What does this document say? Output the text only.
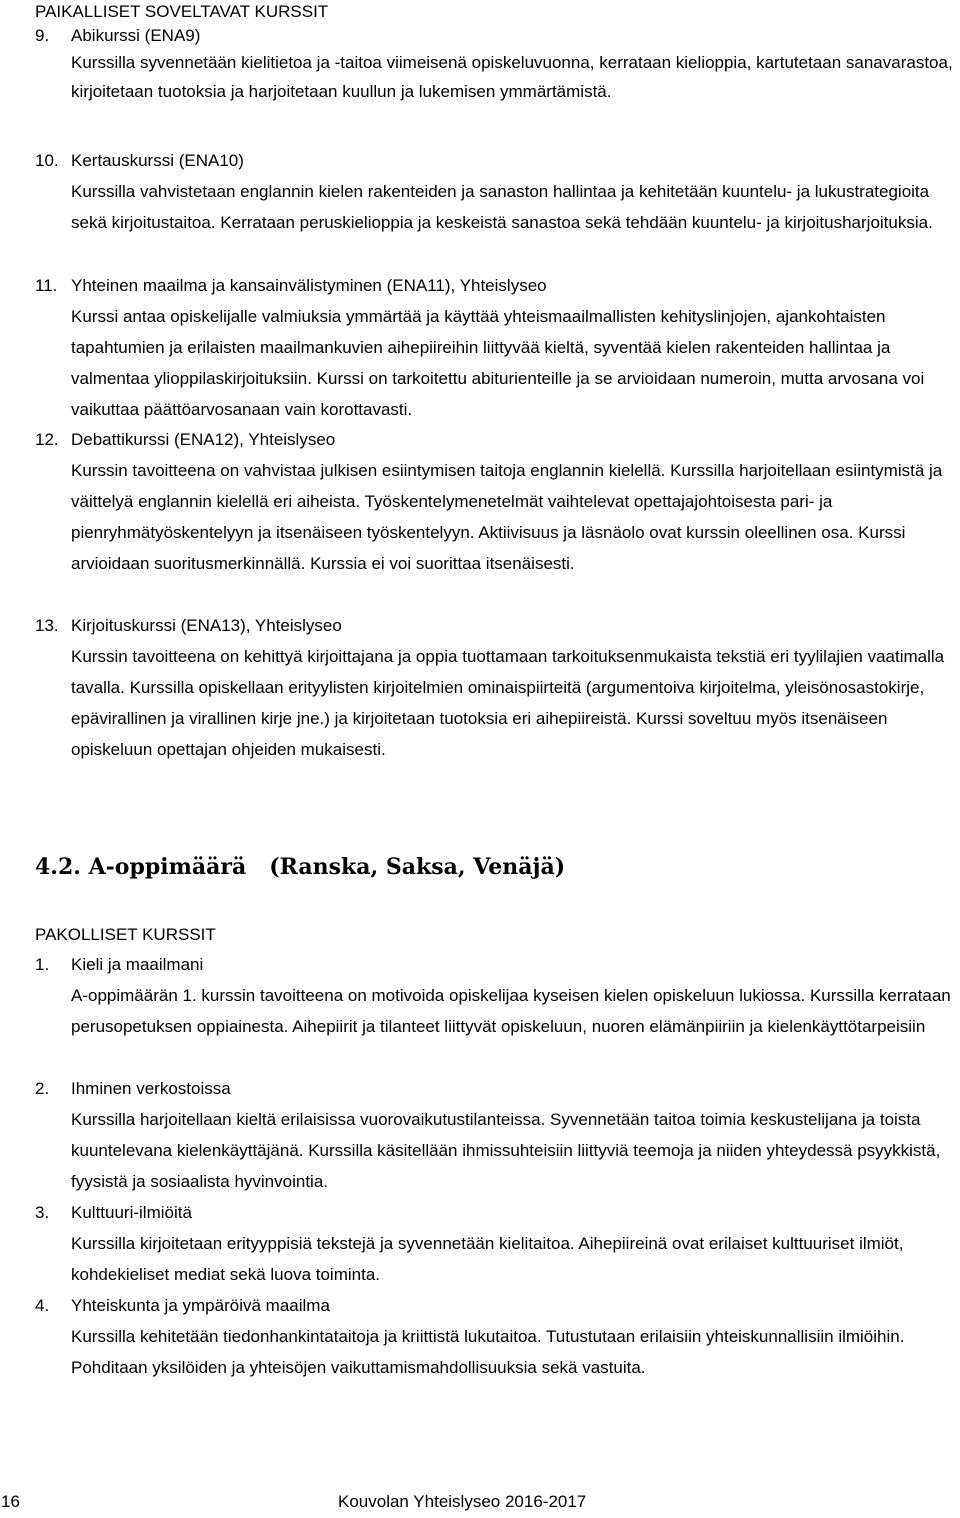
PAIKALLISET SOVELTAVAT KURSSIT
9. Abikurssi (ENA9)
Kurssilla syvennetään kielitietoa ja -taitoa viimeisenä opiskeluvuonna, kerrataan kielioppia, kartutetaan sanavarastoa, kirjoitetaan tuotoksia ja harjoitetaan kuullun ja lukemisen ymmärtämistä.
10. Kertauskurssi (ENA10)
Kurssilla vahvistetaan englannin kielen rakenteiden ja sanaston hallintaa ja kehitetään kuuntelu- ja lukustrategioita sekä kirjoitustaitoa. Kerrataan peruskielioppia ja keskeistä sanastoa sekä tehdään kuuntelu- ja kirjoitusharjoituksia.
11. Yhteinen maailma ja kansainvälistyminen (ENA11), Yhteislyseo
Kurssi antaa opiskelijalle valmiuksia ymmärtää ja käyttää yhteismaailmallisten kehityslinjojen, ajankohtaisten tapahtumien ja erilaisten maailmankuvien aihepiireihin liittyvää kieltä, syventää kielen rakenteiden hallintaa ja valmentaa ylioppilaskirjoituksiin. Kurssi on tarkoitettu abiturienteille ja se arvioidaan numeroin, mutta arvosana voi vaikuttaa päättöarvosanaan vain korottavasti.
12. Debattikurssi (ENA12), Yhteislyseo
Kurssin tavoitteena on vahvistaa julkisen esiintymisen taitoja englannin kielellä. Kurssilla harjoitellaan esiintymistä ja väittelyä englannin kielellä eri aiheista. Työskentelymenetelmät vaihtelevat opettajajohtoisesta pari- ja pienryhmätyöskentelyyn ja itsenäiseen työskentelyyn. Aktiivisuus ja läsnäolo ovat kurssin oleellinen osa. Kurssi arvioidaan suoritusmerkinnällä. Kurssia ei voi suorittaa itsenäisesti.
13. Kirjoituskurssi (ENA13), Yhteislyseo
Kurssin tavoitteena on kehittyä kirjoittajana ja oppia tuottamaan tarkoituksenmukaista tekstiä eri tyylilajien vaatimalla tavalla. Kurssilla opiskellaan erityylisten kirjoitelmien ominaispiirteitä (argumentoiva kirjoitelma, yleisönosastokirje, epävirallinen ja virallinen kirje jne.) ja kirjoitetaan tuotoksia eri aihepiireistä. Kurssi soveltuu myös itsenäiseen opiskeluun opettajan ohjeiden mukaisesti.
4.2. A-oppimäärä   (Ranska, Saksa, Venäjä)
PAKOLLISET KURSSIT
1. Kieli ja maailmani
A-oppimäärän 1. kurssin tavoitteena on motivoida opiskelijaa kyseisen kielen opiskeluun lukiossa. Kurssilla kerrataan perusopetuksen oppiainesta. Aihepiirit ja tilanteet liittyvät opiskeluun, nuoren elämänpiiriin ja kielenkäyttötarpeisiin
2. Ihminen verkostoissa
Kurssilla harjoitellaan kieltä erilaisissa vuorovaikutustilanteissa. Syvennetään taitoa toimia keskustelijana ja toista kuuntelevana kielenkäyttäjänä. Kurssilla käsitellään ihmissuhteisiin liittyviä teemoja ja niiden yhteydessä psyykkistä, fyysistä ja sosiaalista hyvinvointia.
3. Kulttuuri-ilmiöitä
Kurssilla kirjoitetaan erityyppisiä tekstejä ja syvennetään kielitaitoa. Aihepiireinä ovat erilaiset kulttuuriset ilmiöt, kohdekieliset mediat sekä luova toiminta.
4. Yhteiskunta ja ympäröivä maailma
Kurssilla kehitetään tiedonhankintataitoja ja kriittistä lukutaitoa. Tutustutaan erilaisiin yhteiskunnallisiin ilmiöihin. Pohditaan yksilöiden ja yhteisöjen vaikuttamismahdollisuuksia sekä vastuita.
16	Kouvolan Yhteislyseo 2016-2017
